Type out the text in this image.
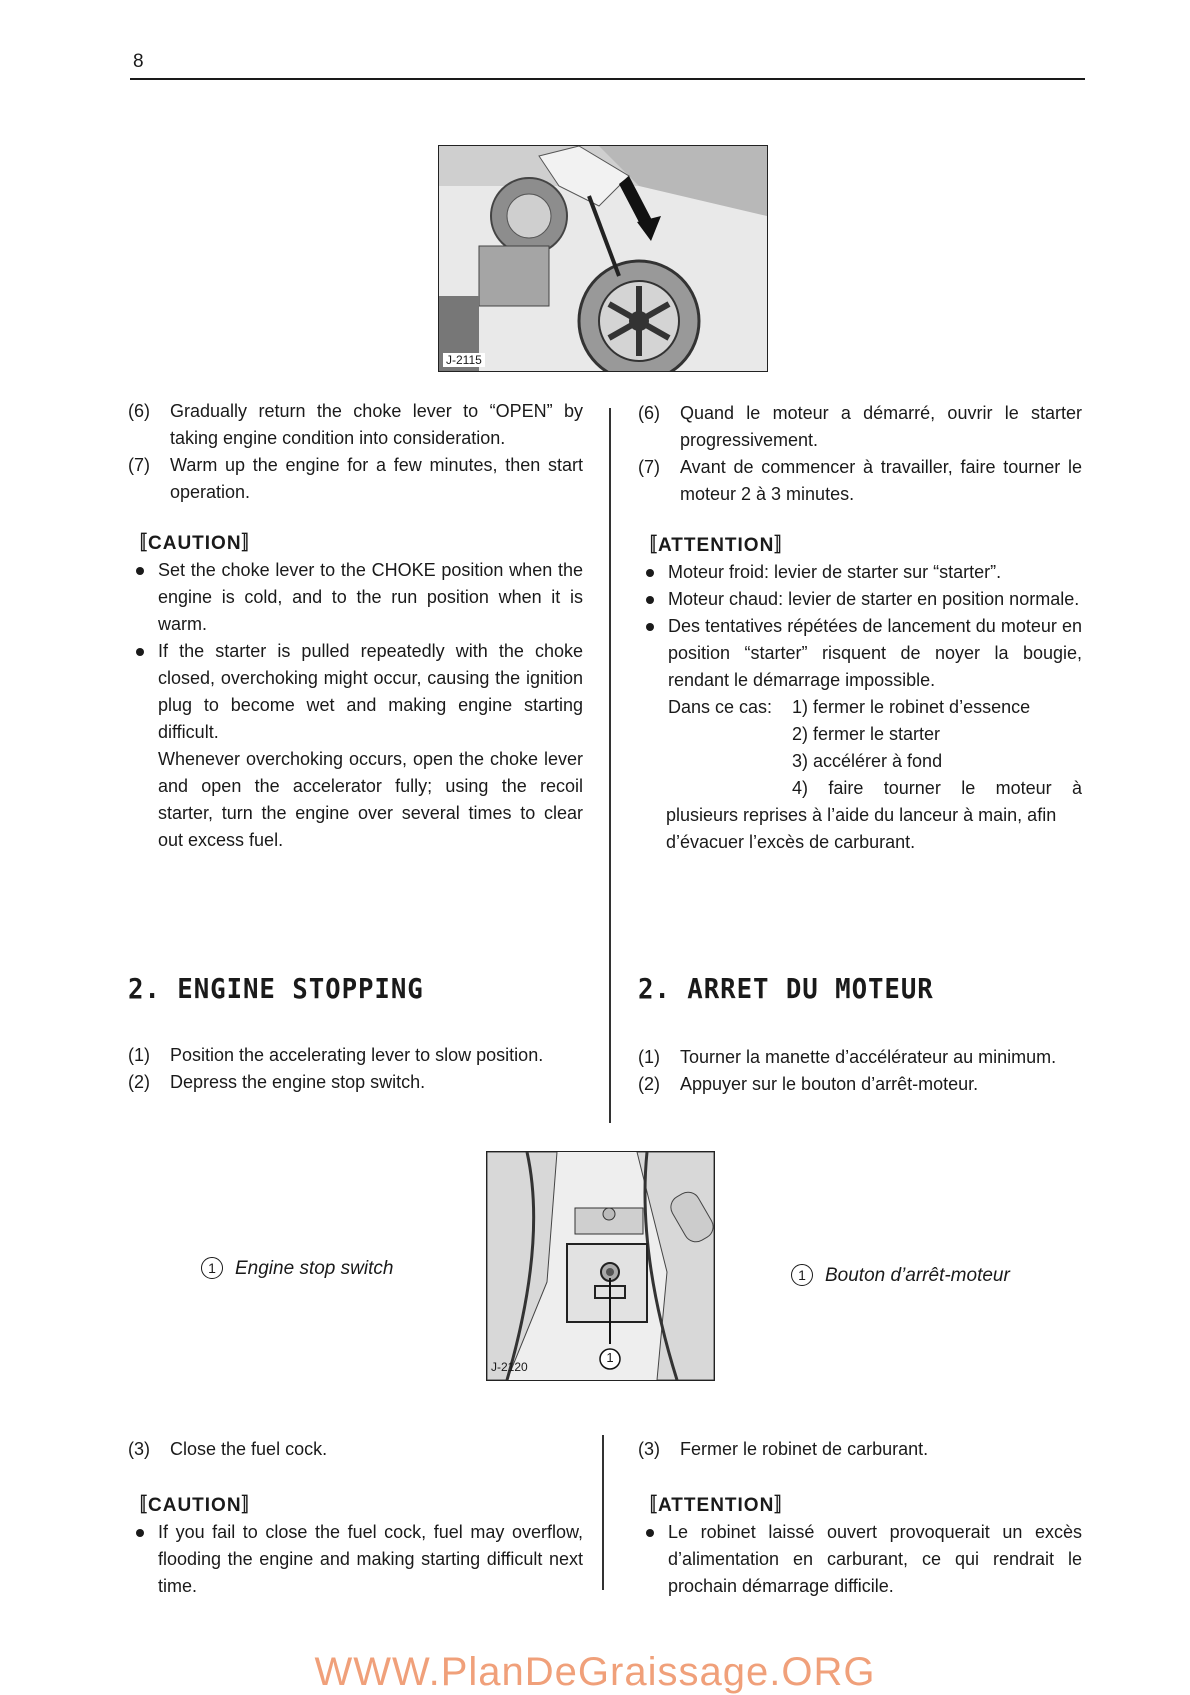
8
J-2115
(6) Gradually return the choke lever to “OPEN” by taking engine condition into consideration.
(7) Warm up the engine for a few minutes, then start operation.
〚CAUTION〛
Set the choke lever to the CHOKE position when the engine is cold, and to the run position when it is warm.
If the starter is pulled repeatedly with the choke closed, overchoking might occur, causing the ignition plug to become wet and making engine starting difficult.
Whenever overchoking occurs, open the choke lever and open the accelerator fully; using the recoil starter, turn the engine over several times to clear out excess fuel.
(6) Quand le moteur a démarré, ouvrir le starter progressivement.
(7) Avant de commencer à travailler, faire tourner le moteur 2 à 3 minutes.
〚ATTENTION〛
Moteur froid: levier de starter sur “starter”.
Moteur chaud: levier de starter en position normale.
Des tentatives répétées de lancement du moteur en position “starter” risquent de noyer la bougie, rendant le démarrage impossible.
Dans ce cas: 1) fermer le robinet d’essence
2) fermer le starter
3) accélérer à fond
4) faire tourner le moteur à
plusieurs reprises à l’aide du lanceur à main, afin d’évacuer l’excès de carburant.
2. ENGINE STOPPING	2. ARRET DU MOTEUR
(1) Position the accelerating lever to slow position.
(2) Depress the engine stop switch.
(1) Tourner la manette d’accélérateur au minimum.
(2) Appuyer sur le bouton d’arrêt-moteur.
J-2120
1
1 Engine stop switch	1 Bouton d’arrêt-moteur
(3) Close the fuel cock.
〚CAUTION〛
If you fail to close the fuel cock, fuel may overflow, flooding the engine and making starting difficult next time.
(3) Fermer le robinet de carburant.
〚ATTENTION〛
Le robinet laissé ouvert provoquerait un excès d’alimentation en carburant, ce qui rendrait le prochain démarrage difficile.
WWW.PlanDeGraissage.ORG
